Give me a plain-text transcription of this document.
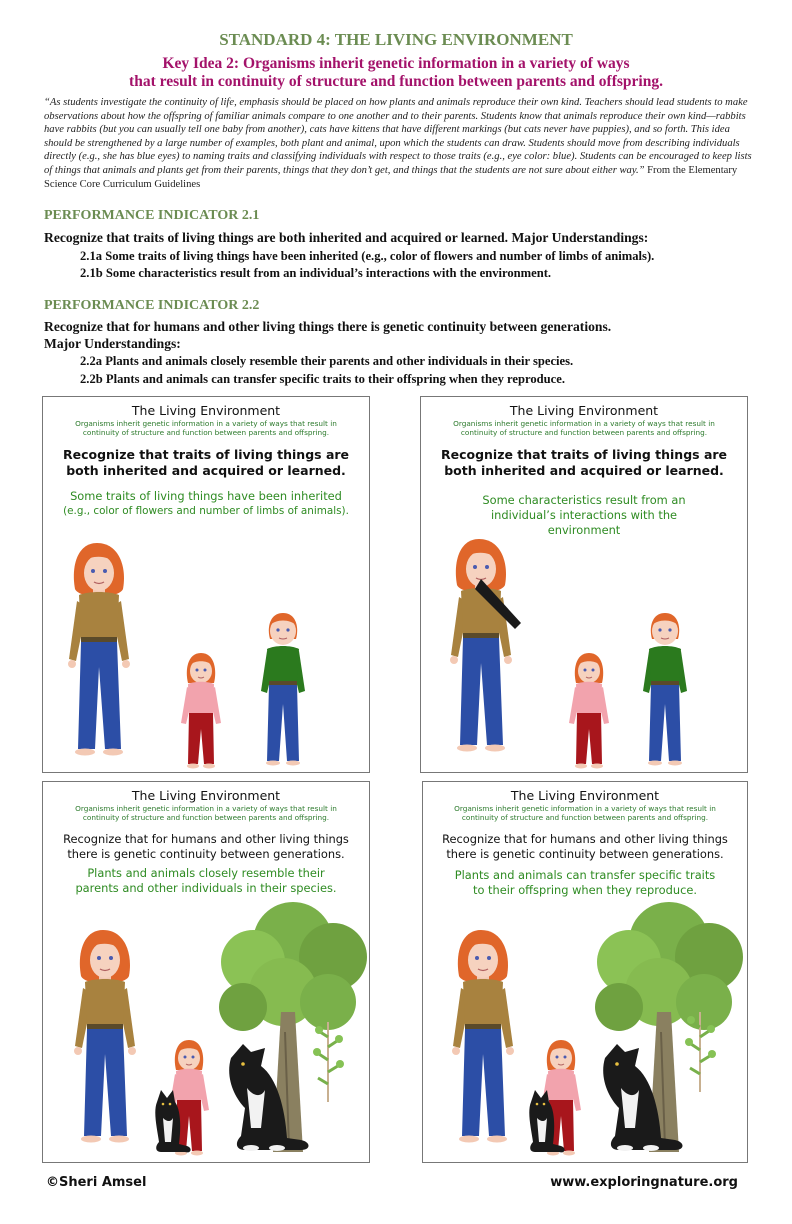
STANDARD 4: THE LIVING ENVIRONMENT
Key Idea 2: Organisms inherit genetic information in a variety of ways
that result in continuity of structure and function between parents and offspring.
“As students investigate the continuity of life, emphasis should be placed on how plants and animals reproduce their own kind. Teachers should lead students to make observations about how the offspring of familiar animals compare to one another and to their parents. Students know that animals reproduce their own kind—rabbits have rabbits (but you can usually tell one baby from another), cats have kittens that have different markings (but cats never have puppies), and so forth. This idea should be strengthened by a large number of examples, both plant and animal, upon which the students can draw. Students should move from describing individuals directly (e.g., she has blue eyes) to naming traits and classifying individuals with respect to those traits (e.g., eye color: blue). Students can be encouraged to keep lists of things that animals and plants get from their parents, things that they don’t get, and things that the students are not sure about either way.” From the Elementary Science Core Curriculum Guidelines
PERFORMANCE INDICATOR 2.1
Recognize that traits of living things are both inherited and acquired or learned. Major Understandings:
2.1a Some traits of living things have been inherited (e.g., color of flowers and number of limbs of animals).
2.1b Some characteristics result from an individual’s interactions with the environment.
PERFORMANCE INDICATOR 2.2
Recognize that for humans and other living things there is genetic continuity between generations.
Major Understandings:
2.2a Plants and animals closely resemble their parents and other individuals in their species.
2.2b Plants and animals can transfer specific traits to their offspring when they reproduce.
The Living Environment
Organisms inherit genetic information in a variety of ways that result in continuity of structure and function between parents and offspring.
Recognize that traits of living things are both inherited and acquired or learned.
Some traits of living things have been inherited
(e.g., color of flowers and number of limbs of animals).
The Living Environment
Organisms inherit genetic information in a variety of ways that result in continuity of structure and function between parents and offspring.
Recognize that traits of living things are both inherited and acquired or learned.
Some characteristics result from an individual’s interactions with the environment
The Living Environment
Organisms inherit genetic information in a variety of ways that result in continuity of structure and function between parents and offspring.
Recognize that for humans and other living things there is genetic continuity between generations.
Plants and animals closely resemble their parents and other individuals in their species.
The Living Environment
Organisms inherit genetic information in a variety of ways that result in continuity of structure and function between parents and offspring.
Recognize that for humans and other living things there is genetic continuity between generations.
Plants and animals can transfer specific traits to their offspring when they reproduce.
©Sheri Amsel	www.exploringnature.org
